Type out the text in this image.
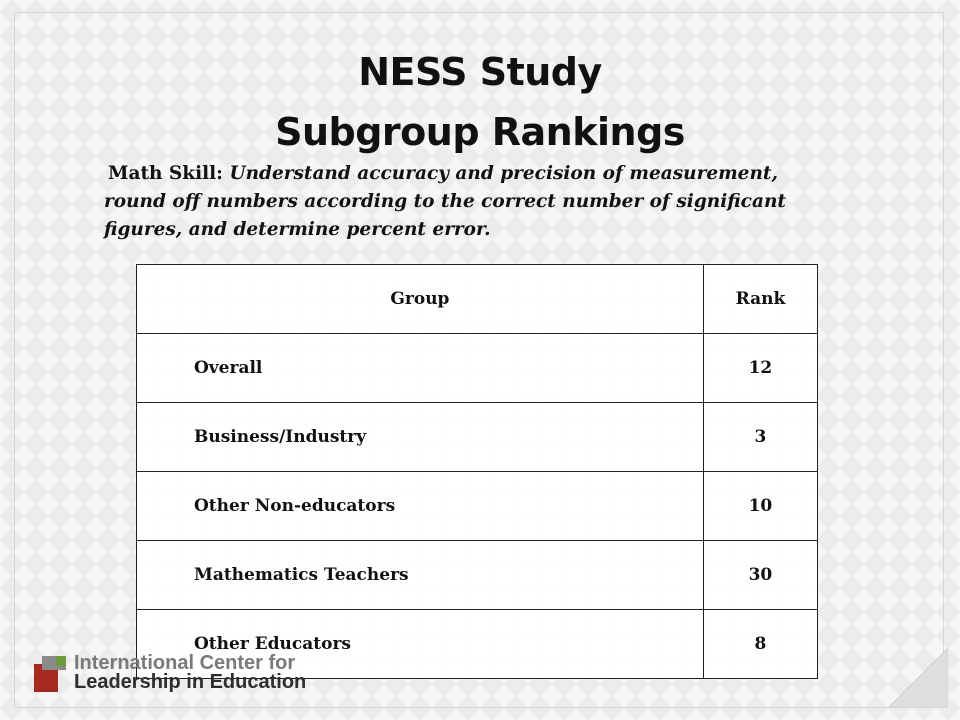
NESS Study
Subgroup Rankings
Math Skill: Understand accuracy and precision of measurement, round off numbers according to the correct number of significant figures, and determine percent error.
Group	Rank
Overall	12
Business/Industry	3
Other Non-educators	10
Mathematics Teachers	30
Other Educators	8
International Center for
Leadership in Education
